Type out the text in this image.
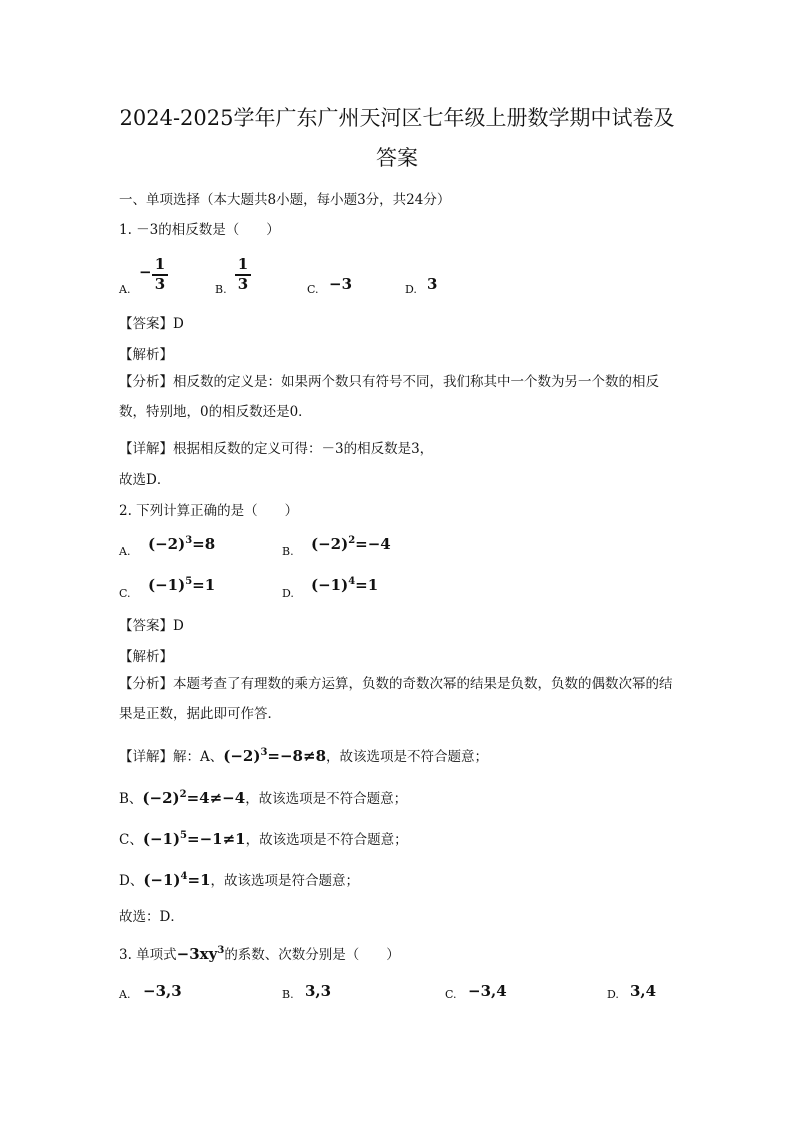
2024-2025学年广东广州天河区七年级上册数学期中试卷及
答案
一、单项选择（本大题共8小题，每小题3分，共24分）
1. －3的相反数是（　　）
A.
− 1
3	B.
1
3	C. −3	D. 3
【答案】D
【解析】
【分析】相反数的定义是：如果两个数只有符号不同，我们称其中一个数为另一个数的相反数，特别地，0的相反数还是0．
【详解】根据相反数的定义可得：－3的相反数是3，
故选D．
2. 下列计算正确的是（　　）
A. $(-2)^3=8$	B. $(-2)^2=-4$
C. $(-1)^5=1$	D. $(-1)^4=1$
【答案】D
【解析】
【分析】本题考查了有理数的乘方运算，负数的奇数次幂的结果是负数，负数的偶数次幂的结果是正数，据此即可作答．
【详解】解：A、$(-2)^3=-8\ne 8$，故该选项是不符合题意；
B、$(-2)^2=4\ne-4$，故该选项是不符合题意；
C、$(-1)^5=-1\ne 1$，故该选项是不符合题意；
D、$(-1)^4=1$，故该选项是符合题意；
故选：D．
3. 单项式$-3xy^3$的系数、次数分别是（　　）
A. −3,3	B. 3,3	C. −3,4	D. 3,4
